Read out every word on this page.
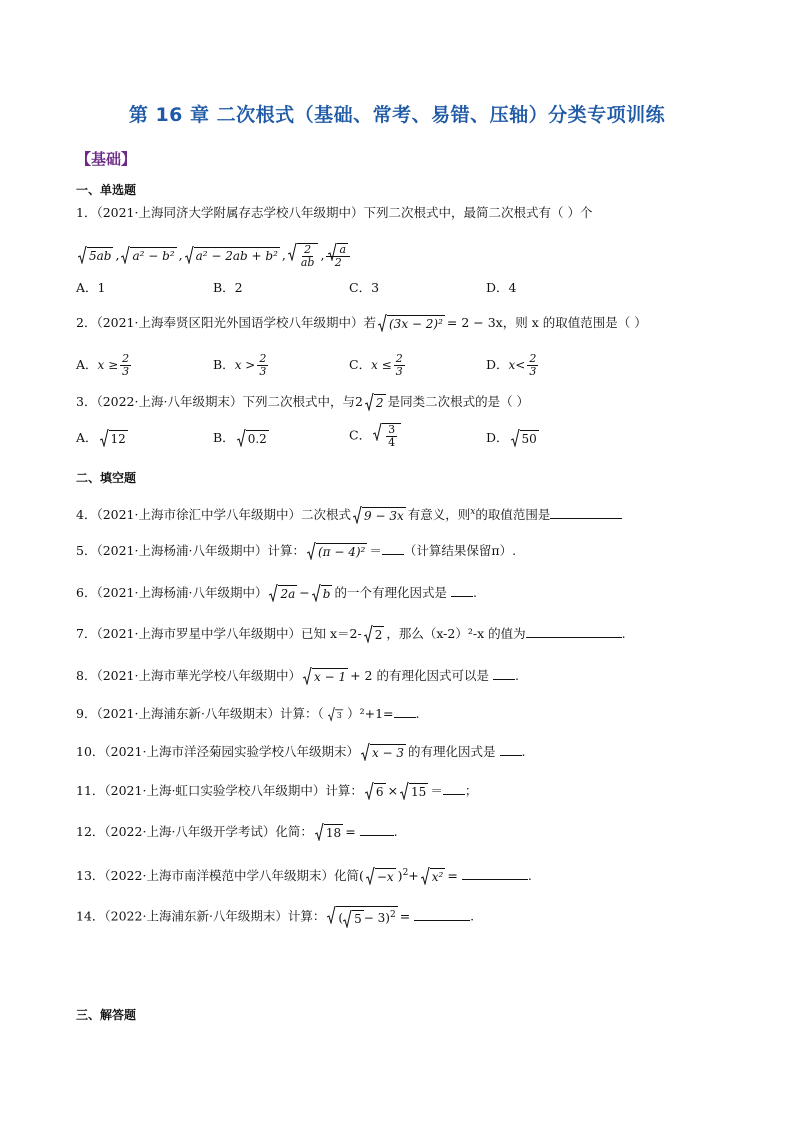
第 16 章 二次根式（基础、常考、易错、压轴）分类专项训练
【基础】
一、单选题
1．（2021·上海同济大学附属存志学校八年级期中）下列二次根式中，最简二次根式有（ ）个
5ab , a² − b² , a² − 2ab + b² , $\frac{2}{ab}$ , $\frac{a}{2}$
A．1	B．2	C．3	D．4
2．（2021·上海奉贤区阳光外国语学校八年级期中）若 (3x − 2)² = 2 − 3x，则 x 的取值范围是（ ）
A．$x \ge \frac{2}{3}$	B．$x > \frac{2}{3}$	C．$x \le \frac{2}{3}$	D．$x< \frac{2}{3}$
3．（2022·上海·八年级期末）下列二次根式中，与2 2 是同类二次根式的是（ ）
A． 12	B． 0.2	C． $\frac{3}{4}$	D． 50
二、填空题
4．（2021·上海市徐汇中学八年级期中）二次根式 9 − 3x 有意义，则$^x$的取值范围是
5．（2021·上海杨浦·八年级期中）计算： (π − 4)² ＝ （计算结果保留π）.
6．（2021·上海杨浦·八年级期中） 2a − b 的一个有理化因式是 .
7．（2021·上海市罗星中学八年级期中）已知 x＝2- 2 ，那么（x-2）²-x 的值为	.
8．（2021·上海市華光学校八年级期中） x − 1 + 2 的有理化因式可以是 .
9．（2021·上海浦东新·八年级期末）计算：（ 3 ）²+1= .
10．（2021·上海市洋泾菊园实验学校八年级期末） x − 3 的有理化因式是 .
11．（2021·上海·虹口实验学校八年级期中）计算： 6 × 15 ＝ ；
12．（2022·上海·八年级开学考试）化简： 18 =	.
13．（2022·上海市南洋模范中学八年级期末）化简( −x )$^2$+ x² =	.
14．（2022·上海浦东新·八年级期末）计算： ( 5 − 3)$^2$ =	.
三、解答题
